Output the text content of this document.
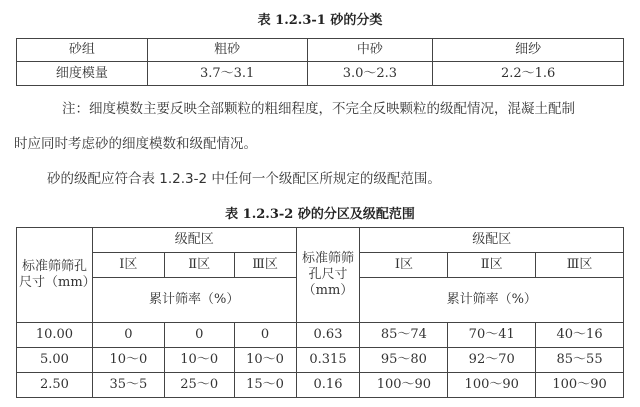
表 1.2.3-1 砂的分类
砂组	粗砂	中砂	细纱
细度模量	3.7～3.1	3.0～2.3	2.2～1.6
注：细度模数主要反映全部颗粒的粗细程度，不完全反映颗粒的级配情况，混凝土配制
时应同时考虑砂的细度模数和级配情况。
砂的级配应符合表 1.2.3-2 中任何一个级配区所规定的级配范围。
表 1.2.3-2 砂的分区及级配范围
标准筛筛孔尺寸（mm）	级配区			标准筛筛孔尺寸（mm）	级配区		
	Ⅰ区	Ⅱ区	Ⅲ区		Ⅰ区	Ⅱ区	Ⅲ区
	累计筛率（%）				累计筛率（%）		
10.00	0	0	0	0.63	85～74	70～41	40～16
5.00	10～0	10～0	10～0	0.315	95～80	92～70	85～55
2.50	35～5	25～0	15～0	0.16	100～90	100～90	100～90
